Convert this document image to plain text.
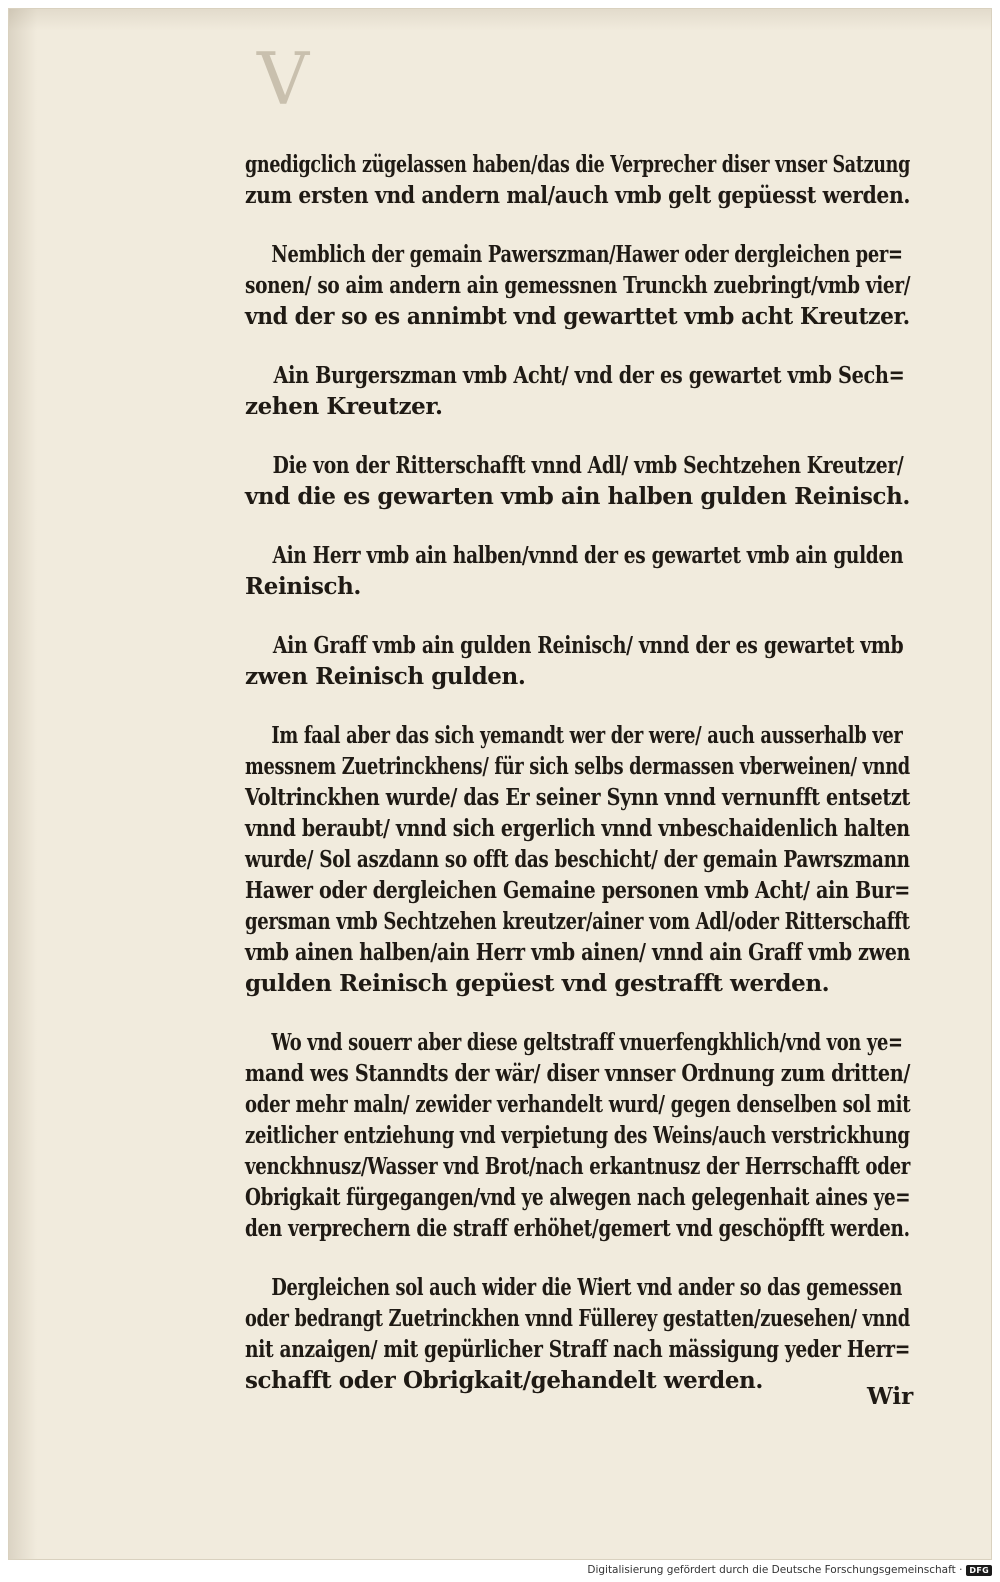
V
gnedigclich zügelassen haben/das die Verprecher diser vnser Satzung
zum ersten vnd andern mal/auch vmb gelt gepüesst werden.
Nemblich der gemain Pawerszman/Hawer oder dergleichen per=
sonen/ so aim andern ain gemessnen Trunckh zuebringt/vmb vier/
vnd der so es annimbt vnd gewarttet vmb acht Kreutzer.
Ain Burgerszman vmb Acht/ vnd der es gewartet vmb Sech=
zehen Kreutzer.
Die von der Ritterschafft vnnd Adl/ vmb Sechtzehen Kreutzer/
vnd die es gewarten vmb ain halben gulden Reinisch.
Ain Herr vmb ain halben/vnnd der es gewartet vmb ain gulden
Reinisch.
Ain Graff vmb ain gulden Reinisch/ vnnd der es gewartet vmb
zwen Reinisch gulden.
Im faal aber das sich yemandt wer der were/ auch ausserhalb ver
messnem Zuetrinckhens/ für sich selbs dermassen vberweinen/ vnnd
Voltrinckhen wurde/ das Er seiner Synn vnnd vernunfft entsetzt
vnnd beraubt/ vnnd sich ergerlich vnnd vnbeschaidenlich halten
wurde/ Sol aszdann so offt das beschicht/ der gemain Pawrszmann
Hawer oder dergleichen Gemaine personen vmb Acht/ ain Bur=
gersman vmb Sechtzehen kreutzer/ainer vom Adl/oder Ritterschafft
vmb ainen halben/ain Herr vmb ainen/ vnnd ain Graff vmb zwen
gulden Reinisch gepüest vnd gestrafft werden.
Wo vnd souerr aber diese geltstraff vnuerfengkhlich/vnd von ye=
mand wes Stanndts der wär/ diser vnnser Ordnung zum dritten/
oder mehr maln/ zewider verhandelt wurd/ gegen denselben sol mit
zeitlicher entziehung vnd verpietung des Weins/auch verstrickhung
venckhnusz/Wasser vnd Brot/nach erkantnusz der Herrschafft oder
Obrigkait fürgegangen/vnd ye alwegen nach gelegenhait aines ye=
den verprechern die straff erhöhet/gemert vnd geschöpfft werden.
Dergleichen sol auch wider die Wiert vnd ander so das gemessen
oder bedrangt Zuetrinckhen vnnd Füllerey gestatten/zuesehen/ vnnd
nit anzaigen/ mit gepürlicher Straff nach mässigung yeder Herr=
schafft oder Obrigkait/gehandelt werden.
Wir
Digitalisierung gefördert durch die Deutsche Forschungsgemeinschaft · DFG
